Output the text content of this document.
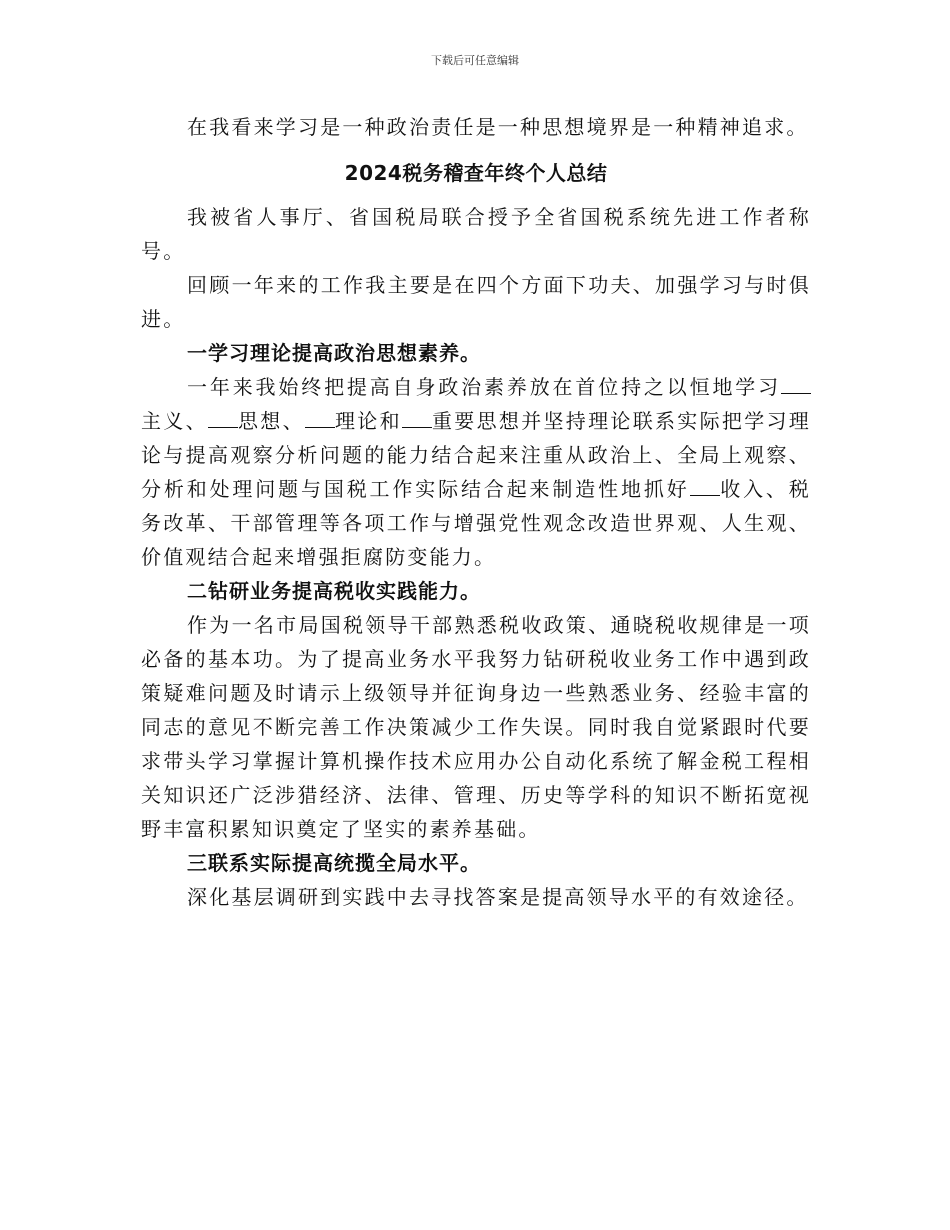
下载后可任意编辑

在我看来学习是一种政治责任是一种思想境界是一种精神追求。

2024税务稽查年终个人总结

我被省人事厅、省国税局联合授予全省国税系统先进工作者称号。

回顾一年来的工作我主要是在四个方面下功夫、加强学习与时俱进。

一学习理论提高政治思想素养。

一年来我始终把提高自身政治素养放在首位持之以恒地学习主义、 思想、 理论和 重要思想并坚持理论联系实际把学习理论与提高观察分析问题的能力结合起来注重从政治上、全局上观察、分析和处理问题与国税工作实际结合起来制造性地抓好 收入、税务改革、干部管理等各项工作与增强党性观念改造世界观、人生观、价值观结合起来增强拒腐防变能力。

二钻研业务提高税收实践能力。

作为一名市局国税领导干部熟悉税收政策、通晓税收规律是一项必备的基本功。为了提高业务水平我努力钻研税收业务工作中遇到政策疑难问题及时请示上级领导并征询身边一些熟悉业务、经验丰富的同志的意见不断完善工作决策减少工作失误。同时我自觉紧跟时代要求带头学习掌握计算机操作技术应用办公自动化系统了解金税工程相关知识还广泛涉猎经济、法律、管理、历史等学科的知识不断拓宽视野丰富积累知识奠定了坚实的素养基础。

三联系实际提高统揽全局水平。

深化基层调研到实践中去寻找答案是提高领导水平的有效途径。
